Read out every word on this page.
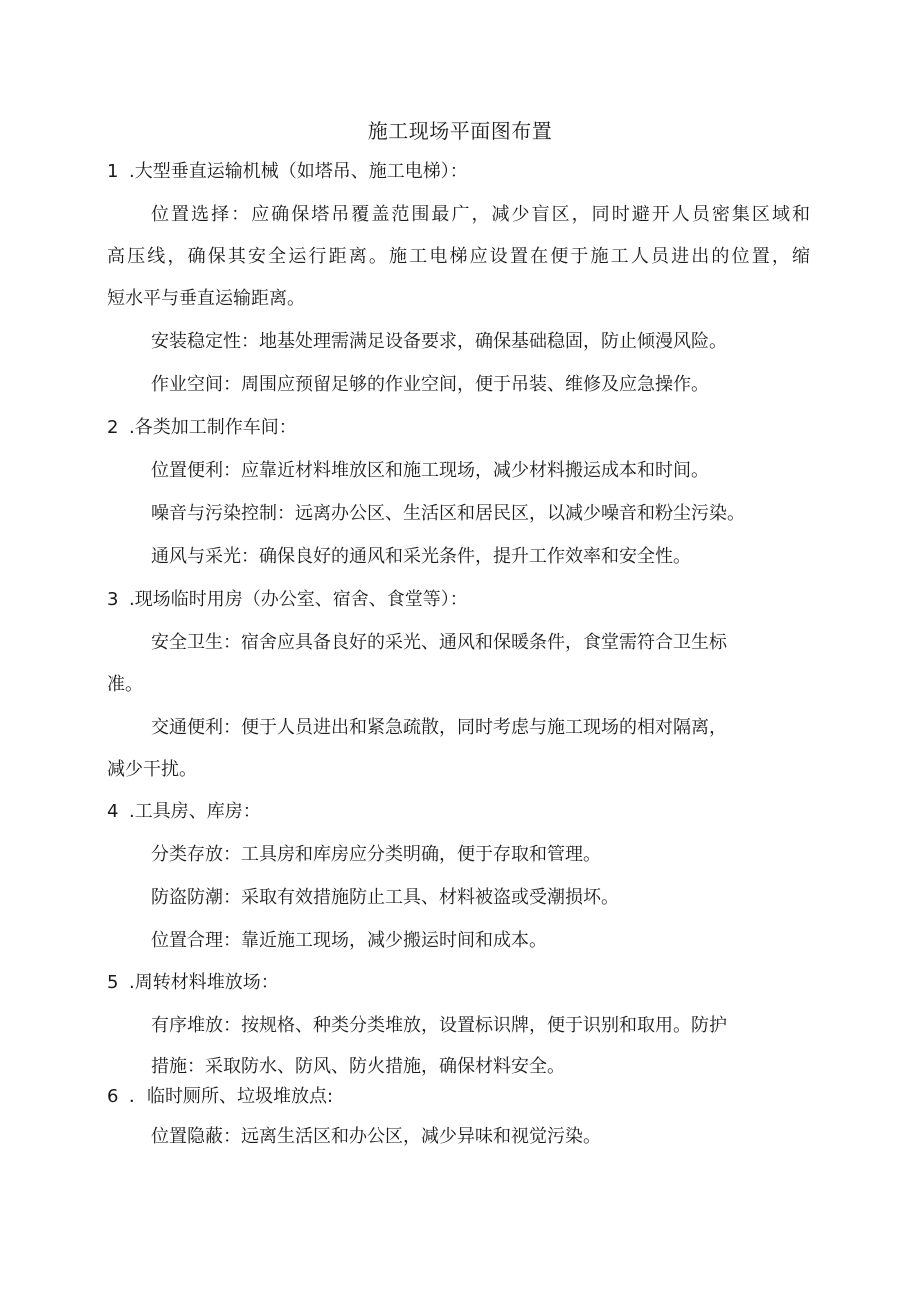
施工现场平面图布置
1 .大型垂直运输机械（如塔吊、施工电梯）：
位置选择：应确保塔吊覆盖范围最广，减少盲区，同时避开人员密集区域和
高压线，确保其安全运行距离。施工电梯应设置在便于施工人员进出的位置，缩
短水平与垂直运输距离。
安装稳定性：地基处理需满足设备要求，确保基础稳固，防止倾漫风险。
作业空间：周围应预留足够的作业空间，便于吊装、维修及应急操作。
2 .各类加工制作车间：
位置便利：应靠近材料堆放区和施工现场，减少材料搬运成本和时间。
噪音与污染控制：远离办公区、生活区和居民区，以减少噪音和粉尘污染。
通风与采光：确保良好的通风和采光条件，提升工作效率和安全性。
3 .现场临时用房（办公室、宿舍、食堂等）：
安全卫生：宿舍应具备良好的采光、通风和保暖条件，食堂需符合卫生标
准。
交通便利：便于人员进出和紧急疏散，同时考虑与施工现场的相对隔离，
减少干扰。
4 .工具房、库房：
分类存放：工具房和库房应分类明确，便于存取和管理。
防盗防潮：采取有效措施防止工具、材料被盗或受潮损坏。
位置合理：靠近施工现场，减少搬运时间和成本。
5 .周转材料堆放场：
有序堆放：按规格、种类分类堆放，设置标识牌，便于识别和取用。防护
措施：采取防水、防风、防火措施，确保材料安全。
6 ．临时厕所、垃圾堆放点:
位置隐蔽：远离生活区和办公区，减少异味和视觉污染。
